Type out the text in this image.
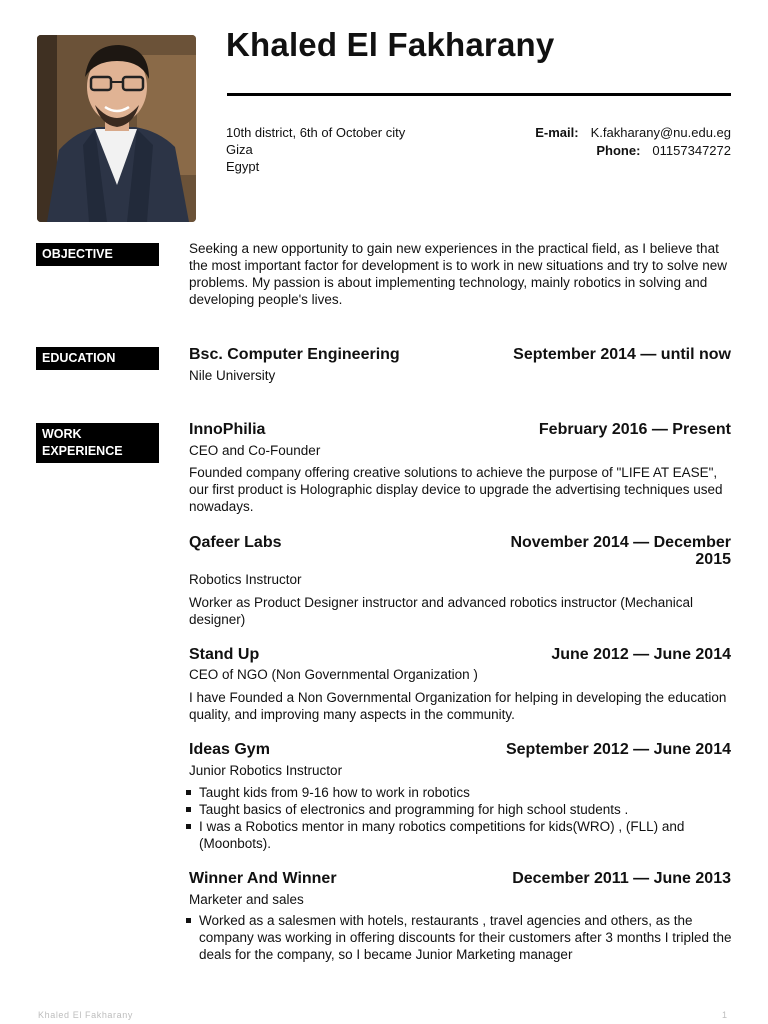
Khaled El Fakharany
10th district, 6th of October city
Giza
Egypt
E-mail: K.fakharany@nu.edu.eg
Phone: 01157347272
OBJECTIVE	Seeking a new opportunity to gain new experiences in the practical field, as I believe that the most important factor for development is to work in new situations and try to solve new problems. My passion is about implementing technology, mainly robotics in solving and developing people's lives.

EDUCATION	Bsc. Computer Engineering	September 2014 — until now
Nile University
WORK
EXPERIENCE
InnoPhilia	February 2016 — Present
CEO and Co-Founder

Founded company offering creative solutions to achieve the purpose of "LIFE AT EASE", our first product is Holographic display device to upgrade the advertising techniques used nowadays.

Qafeer Labs	November 2014 — December
2015
Robotics Instructor

Worker as Product Designer instructor and advanced robotics instructor (Mechanical designer)

Stand Up	June 2012 — June 2014
CEO of NGO (Non Governmental Organization )

I have Founded a Non Governmental Organization for helping in developing the education quality, and improving many aspects in the community.

Ideas Gym	September 2012 — June 2014
Junior Robotics Instructor
Taught kids from 9-16 how to work in robotics
Taught basics of electronics and programming for high school students .
I was a Robotics mentor in many robotics competitions for kids(WRO) , (FLL) and (Moonbots).
Winner And Winner	December 2011 — June 2013
Marketer and sales
Worked as a salesmen with hotels, restaurants , travel agencies and others, as the company was working in offering discounts for their customers after 3 months I tripled the deals for the company, so I became Junior Marketing manager
Khaled El Fakharany	1
